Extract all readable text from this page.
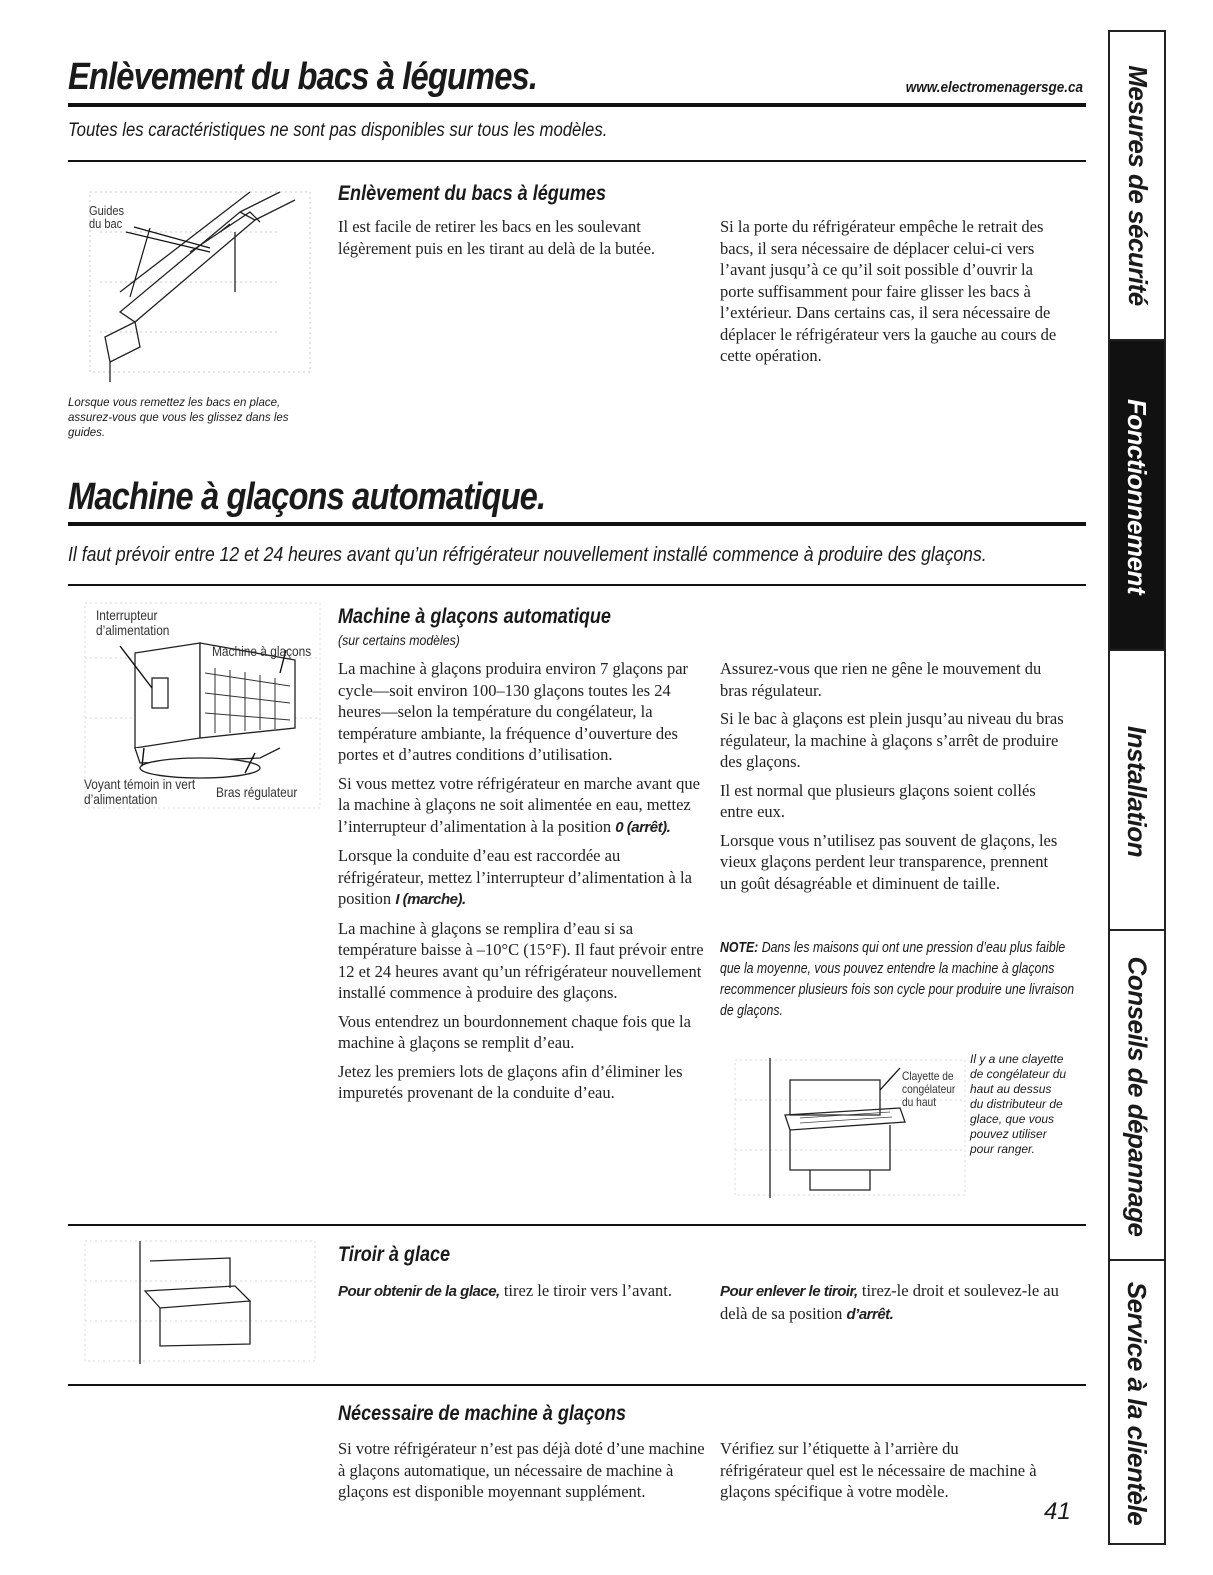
Enlèvement du bacs à légumes.	www.electromenagersge.ca
Toutes les caractéristiques ne sont pas disponibles sur tous les modèles.
Guides
du bac
Lorsque vous remettez les bacs en place, assurez-vous que vous les glissez dans les guides.
Enlèvement du bacs à légumes
Il est facile de retirer les bacs en les soulevant légèrement puis en les tirant au delà de la butée.
Si la porte du réfrigérateur empêche le retrait des bacs, il sera nécessaire de déplacer celui-ci vers l’avant jusqu’à ce qu’il soit possible d’ouvrir la porte suffisamment pour faire glisser les bacs à l’extérieur. Dans certains cas, il sera nécessaire de déplacer le réfrigérateur vers la gauche au cours de cette opération.
Machine à glaçons automatique.
Il faut prévoir entre 12 et 24 heures avant qu’un réfrigérateur nouvellement installé commence à produire des glaçons.
Interrupteur
d’alimentation
Machine à glaçons
Voyant témoin in vert
d’alimentation	Bras régulateur
Machine à glaçons automatique
(sur certains modèles)

La machine à glaçons produira environ 7 glaçons par cycle—soit environ 100–130 glaçons toutes les 24 heures—selon la température du congélateur, la température ambiante, la fréquence d’ouverture des portes et d’autres conditions d’utilisation.

Si vous mettez votre réfrigérateur en marche avant que la machine à glaçons ne soit alimentée en eau, mettez l’interrupteur d’alimentation à la position 0 (arrêt).

Lorsque la conduite d’eau est raccordée au réfrigérateur, mettez l’interrupteur d’alimentation à la position I (marche).

La machine à glaçons se remplira d’eau si sa température baisse à –10°C (15°F). Il faut prévoir entre 12 et 24 heures avant qu’un réfrigérateur nouvellement installé commence à produire des glaçons.

Vous entendrez un bourdonnement chaque fois que la machine à glaçons se remplit d’eau.

Jetez les premiers lots de glaçons afin d’éliminer les impuretés provenant de la conduite d’eau.

Assurez-vous que rien ne gêne le mouvement du bras régulateur.

Si le bac à glaçons est plein jusqu’au niveau du bras régulateur, la machine à glaçons s’arrêt de produire des glaçons.

Il est normal que plusieurs glaçons soient collés entre eux.

Lorsque vous n’utilisez pas souvent de glaçons, les vieux glaçons perdent leur transparence, prennent un goût désagréable et diminuent de taille.

NOTE: Dans les maisons qui ont une pression d’eau plus faible que la moyenne, vous pouvez entendre la machine à glaçons recommencer plusieurs fois son cycle pour produire une livraison de glaçons.
Clayette de
congélateur
du haut
Il y a une clayette de congélateur du haut au dessus du distributeur de glace, que vous pouvez utiliser pour ranger.
Tiroir à glace
Pour obtenir de la glace, tirez le tiroir vers l’avant.	Pour enlever le tiroir, tirez-le droit et soulevez-le au delà de sa position d’arrêt.
Nécessaire de machine à glaçons
Si votre réfrigérateur n’est pas déjà doté d’une machine à glaçons automatique, un nécessaire de machine à glaçons est disponible moyennant supplément.
Vérifiez sur l’étiquette à l’arrière du réfrigérateur quel est le nécessaire de machine à glaçons spécifique à votre modèle.
41
Mesures de sécurité
Fonctionnement
Installation
Conseils de dépannage
Service à la clientèle
